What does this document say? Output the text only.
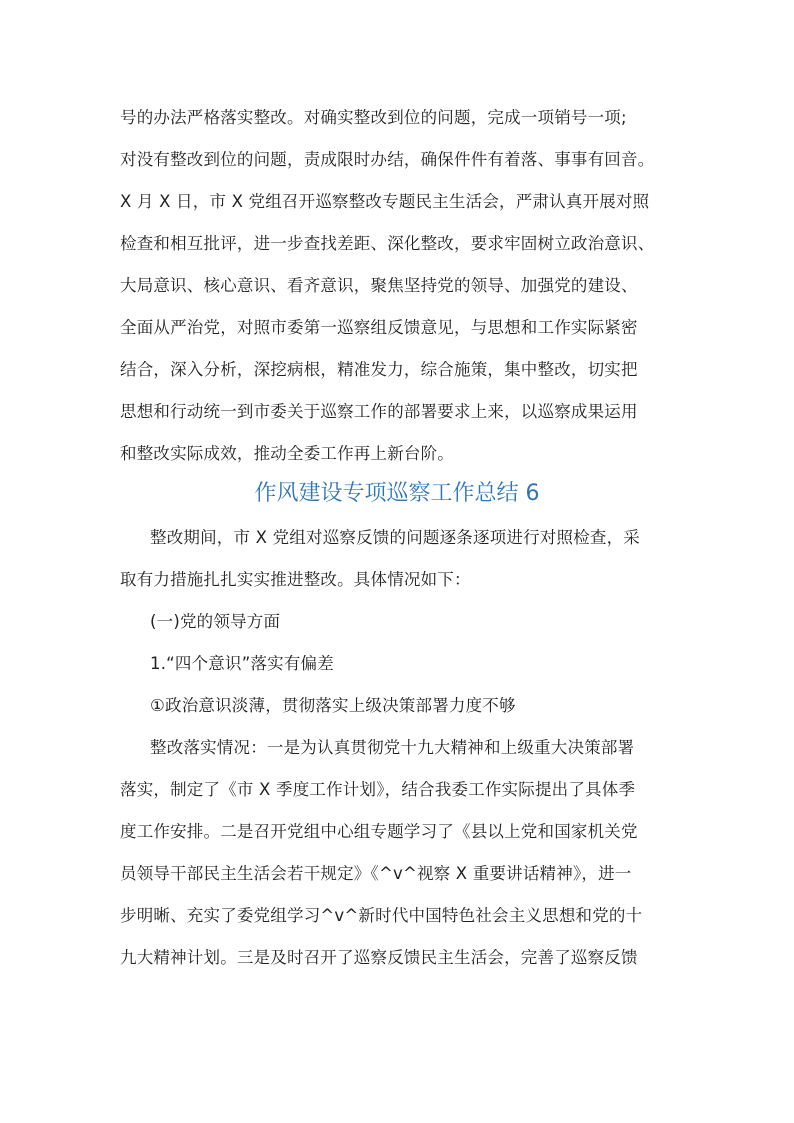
号的办法严格落实整改。对确实整改到位的问题，完成一项销号一项;
对没有整改到位的问题，责成限时办结，确保件件有着落、事事有回音。
X 月 X 日，市 X 党组召开巡察整改专题民主生活会，严肃认真开展对照
检查和相互批评，进一步查找差距、深化整改，要求牢固树立政治意识、
大局意识、核心意识、看齐意识，聚焦坚持党的领导、加强党的建设、
全面从严治党，对照市委第一巡察组反馈意见，与思想和工作实际紧密
结合，深入分析，深挖病根，精准发力，综合施策，集中整改，切实把
思想和行动统一到市委关于巡察工作的部署要求上来，以巡察成果运用
和整改实际成效，推动全委工作再上新台阶。
作风建设专项巡察工作总结 6
整改期间，市 X 党组对巡察反馈的问题逐条逐项进行对照检查，采
取有力措施扎扎实实推进整改。具体情况如下：
(一)党的领导方面
1.“四个意识”落实有偏差
①政治意识淡薄，贯彻落实上级决策部署力度不够
整改落实情况：一是为认真贯彻党十九大精神和上级重大决策部署
落实，制定了《市 X 季度工作计划》，结合我委工作实际提出了具体季
度工作安排。二是召开党组中心组专题学习了《县以上党和国家机关党
员领导干部民主生活会若干规定》《^v^视察 X 重要讲话精神》，进一
步明晰、充实了委党组学习^v^新时代中国特色社会主义思想和党的十
九大精神计划。三是及时召开了巡察反馈民主生活会，完善了巡察反馈
